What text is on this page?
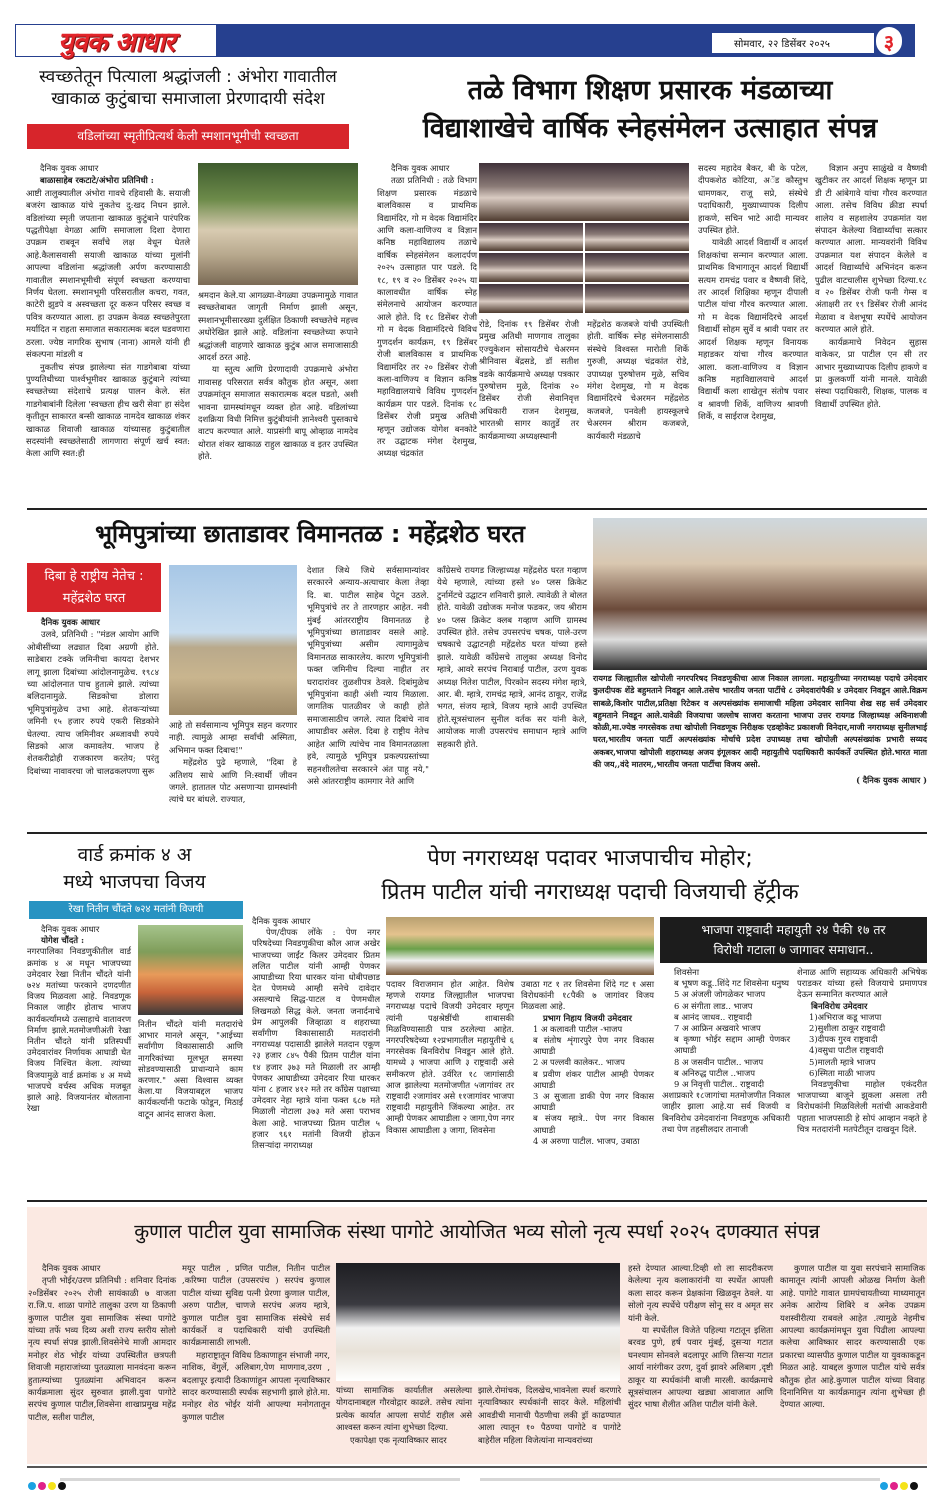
युवक आधार	सोमवार, २२ डिसेंबर २०२५	३
स्वच्छतेतून पित्याला श्रद्धांजली : अंभोरा गावातील
खाकाळ कुटुंबाचा समाजाला प्रेरणादायी संदेश
वडिलांच्या स्मृतीप्रित्यर्थ केली स्मशानभूमीची स्वच्छता
दैनिक युवक आधार
बाळासाहेब रकटाटे/अंभोरा प्रतिनिधी :

आष्टी तालुक्यातील अंभोरा गावचे रहिवासी कै. सयाजी बजरंग खाकाळ यांचे नुकतेच दु:खद निधन झाले. वडिलांच्या स्मृती जपताना खाकाळ कुटुंबाने पारंपरिक पद्धतीपेक्षा वेगळा आणि समाजाला दिशा देणारा उपक्रम राबवून सर्वांचे लक्ष वेधून घेतले आहे.कैलासवासी सयाजी खाकाळ यांच्या मुलांनी आपल्या वडिलांना श्रद्धांजली अर्पण करण्यासाठी गावातील स्मशानभूमीची संपूर्ण स्वच्छता करण्याचा निर्णय घेतला. स्मशानभूमी परिसरातील कचरा, गवत, काटेरी झुडपे व अस्वच्छता दूर करून परिसर स्वच्छ व पवित्र करण्यात आला. हा उपक्रम केवळ स्वच्छतेपुरता मर्यादित न राहता समाजात सकारात्मक बदल घडवणारा ठरला. ज्येष्ठ नागरिक सुभाष (नाना) आमले यांनी ही संकल्पना मांडली व

नुकतीच संपन्न झालेल्या संत गाडगेबाबा यांच्या पुण्यतिथीच्या पार्श्वभूमीवर खाकाळ कुटुंबाने त्यांच्या स्वच्छतेच्या संदेशाचे प्रत्यक्ष पालन केले. संत गाडगेबाबांनी दिलेला 'स्वच्छता हीच खरी सेवा' हा संदेश कृतीतून साकारत बन्सी खाकाळ नामदेव खाकाळ शंकर खाकाळ शिवाजी खाकाळ यांच्यासह कुटुंबातील सदस्यांनी स्वच्छतेसाठी लागणारा संपूर्ण खर्च स्वत: केला आणि स्वत:ही

श्रमदान केले.या आगळ्या-वेगळ्या उपक्रमामुळे गावात स्वच्छतेबाबत जागृती निर्माण झाली असून, स्मशानभूमीसारख्या दुर्लक्षित ठिकाणी स्वच्छतेचे महत्त्व अधोरेखित झाले आहे. वडिलांना स्वच्छतेच्या रूपाने श्रद्धांजली वाहणारे खाकाळ कुटुंब आज समाजासाठी आदर्श ठरत आहे.

या स्तुत्य आणि प्रेरणादायी उपक्रमाचे अंभोरा गावासह परिसरात सर्वत्र कौतुक होत असून, अशा उपक्रमांतून समाजात सकारात्मक बदल घडतो, अशी भावना ग्रामस्थांमधून व्यक्त होत आहे. वडिलांच्या दशक्रिया विधी निमित्त कुटुंबीयांनी ज्ञानेश्वरी पुस्तकाचे वाटप करण्यात आले. याप्रसंगी बापू ओव्हाळ नामदेव थोरात शंकर खाकाळ राहुल खाकाळ व इतर उपस्थित होते.

तळे विभाग शिक्षण प्रसारक मंडळाच्या
विद्याशाखेचे वार्षिक स्नेहसंमेलन उत्साहात संपन्न
दैनिक युवक आधार

तळा प्रतिनिधी : तळे विभाग शिक्षण प्रसारक मंडळाचे बालविकास व प्राथमिक विद्यामंदिर, गो म वेदक विद्यामंदिर आणि कला-वाणिज्य व विज्ञान कनिष्ठ महाविद्यालय तळाचे वार्षिक स्नेहसंमेलन कलादर्पण २०२५ उत्साहात पार पडले. दि १८, १९ व २० डिसेंबर २०२५ या कालावधीत वार्षिक स्नेह संमेलनाचे आयोजन करण्यात आले होते. दि १८ डिसेंबर रोजी गो म वेदक विद्यामंदिरचे विविध गुणदर्शन कार्यक्रम, १९ डिसेंबर रोजी बालविकास व प्राथमिक विद्यामंदिर तर २० डिसेंबर रोजी कला-वाणिज्य व विज्ञान कनिष्ठ महाविद्यालयाचे विविध गुणदर्शन कार्यक्रम पार पडले. दिनांक १८ डिसेंबर रोजी प्रमुख अतिथी म्हणून उद्योजक योगेश बनकोटे तर उद्घाटक मंगेश देशमुख, अध्यक्ष चंद्रकांत

रोडे, दिनांक १९ डिसेंबर रोजी प्रमुख अतिथी माणगाव तालुका एज्युकेशन सोसायटीचे चेअरमन श्रीनिवास बेंद्रसडे, डॉ सतीश वडके कार्यक्रमाचे अध्यक्ष पत्रकार पुरुषोत्तम मुळे, दिनांक २० डिसेंबर रोजी सेवानिवृत्त अधिकारी राजन देशमुख, भारतश्री सागर कातुर्डे तर कार्यक्रमाच्या अध्यक्षस्थानी

महेंद्रशेठ कजबजे यांची उपस्थिती होती. वार्षिक स्नेह संमेलनासाठी संस्थेचे विश्वस्त मारोती शिर्के गुरुजी, अध्यक्ष चंद्रकांत रोडे, उपाध्यक्ष पुरुषोत्तम मुळे, सचिव मंगेश देशमुख, गो म वेदक विद्यामंदिरचे चेअरमन महेंद्रशेठ कजबजे, पनवेली हायस्कूलचे चेअरमन श्रीराम कजबजे, कार्यकारी मंडळाचे

सदस्य महादेव बैकर, बी के पटेल, दीपकशेठ कोटिया, अॅड कौस्तुभ धामणकर, राजू सप्रे, संस्थेचे पदाधिकारी, मुख्याध्यापक दिलीप हाकणे, सचिन भाटे आदी मान्यवर उपस्थित होते.

यावेळी आदर्श विद्यार्थी व आदर्श शिक्षकांचा सन्मान करण्यात आला. प्राथमिक विभागातून आदर्श विद्यार्थी सत्यम रामचंद्र पवार व वैष्णवी शिंदे, तर आदर्श शिक्षिका म्हणून दीपाली पाटील यांचा गौरव करण्यात आला. गो म वेदक विद्यामंदिरचे आदर्श विद्यार्थी सोहम सुर्वे व श्रावी पवार तर आदर्श शिक्षक म्हणून विनायक महाडकर यांचा गौरव करण्यात आला. कला-वाणिज्य व विज्ञान कनिष्ठ महाविद्यालयाचे आदर्श विद्यार्थी कला शाखेतून संतोष पवार व श्रावणी शिर्के, वाणिज्य श्रावणी शिर्के, व साईराज देशमुख,

विज्ञान अनुप साळुंखे व वैष्णवी खुटीकर तर आदर्श शिक्षक म्हणून प्रा डी टी आंबेगावे यांचा गौरव करण्यात आला. तसेच विविध क्रीडा स्पर्धा शालेय व सहशालेय उपक्रमांत यश संपादन केलेल्या विद्यार्थ्यांचा सत्कार करण्यात आला. मान्यवरांनी विविध उपक्रमात यश संपादन केलेले व आदर्श विद्यार्थ्यांचे अभिनंदन करून पुढील वाटचालीस शुभेच्छा दिल्या.१८ व २० डिसेंबर रोजी फनी गेम्स व अंताक्षरी तर १९ डिसेंबर रोजी आनंद मेळावा व वेशभूषा स्पर्धेचे आयोजन करण्यात आले होते.

कार्यक्रमाचे निवेदन सुहास वाकेकर, प्रा पाटील एन सी तर आभार मुख्याध्यापक दिलीप हाकणे व प्रा कुलकर्णी यांनी मानले. यावेळी संस्था पदाधिकारी, शिक्षक, पालक व विद्यार्थी उपस्थित होते.

भूमिपुत्रांच्या छाताडावर विमानतळ : महेंद्रशेठ घरत
दिबा हे राष्ट्रीय नेतेच :
महेंद्रशेठ घरत
दैनिक युवक आधार

उलवे, प्रतिनिधी : "मंडल आयोग आणि ओबीसींच्या लढ्यात दिबा अग्रणी होते. साडेबारा टक्के जमिनीचा कायदा देशभर लागू झाला दिबांच्या आंदोलनामुळेच. १९८४ च्या आंदोलनात पाच हुतात्मे झाले. त्यांच्या बलिदानामुळे. सिडकोचा डोलारा भूमिपुत्रांमुळेच उभा आहे. शेतकऱ्यांच्या जमिनी १५ हजार रुपये एकरी सिडकोने घेतल्या. त्याच जमिनीवर अब्जावधी रुपये सिडको आज कमावतेय. भाजप हे शेतकरीद्रोही राजकारण करतेय; परंतु दिबांच्या नावावरचा जो चालढकलपणा सुरू

आहे तो सर्वसामान्य भूमिपुत्र सहन करणार नाही. त्यामुळे आम्हा सर्वांची अस्मिता, अभिमान फक्त दिबाच!"

महेंद्रशेठ पुढे म्हणाले, "दिबा हे अतिशय साधे आणि नि:स्वार्थी जीवन जगले. हातातल पोट असणाऱ्या ग्रामस्थांनी त्यांचे घर बांधले. राज्यात,

देशात जिथे जिथे सर्वसामान्यांवर सरकारने अन्याय-अत्याचार केला तेव्हा दि. बा. पाटील साहेब पेटून उठले. भूमिपुत्रांचे तर ते तारणहार आहेत. नवी मुंबई आंतरराष्ट्रीय विमानतळ हे भूमिपुत्रांच्या छाताडावर वसले आहे. भूमिपुत्रांच्या असीम त्यागामुळेच विमानतळ साकारलेय. कारण भूमिपुत्रांनी फक्त जमिनीच दिल्या नाहीत तर घरादारांवर तुळशीपत्र ठेवले. दिबांमुळेच भूमिपुत्रांना काही अंशी न्याय मिळाला. जागतिक पातळीवर जे काही होते समाजासाठीच जगले. त्यात दिबांचे नाव आघाडीवर असेल. दिबा हे राष्ट्रीय नेतेच आहेत आणि त्यांचेच नाव विमानतळाला हवे, त्यामुळे भूमिपुत्र प्रकल्पग्रस्तांच्या सहनशीलतेचा सरकारने अंत पाहू नये," असे आंतरराष्ट्रीय कामगार नेते आणि

काँग्रेसचे रायगड जिल्हाध्यक्ष महेंद्रशेठ घरत गव्हाण येथे म्हणाले, त्यांच्या हस्ते ४० प्लस क्रिकेट टुर्नामेंटचे उद्घाटन शनिवारी झाले. त्यावेळी ते बोलत होते. यावेळी उद्योजक मनोज फडकर, जय श्रीराम ४० प्लस क्रिकेट क्लब गव्हाण आणि ग्रामस्थ उपस्थित होते. तसेच उपसरपंच चषक, पाले-उरण चषकाचे उद्घाटनही महेंद्रशेठ घरत यांच्या हस्ते झाले. यावेळी काँग्रेसचे तालुका अध्यक्ष विनोद म्हात्रे, आवरे सरपंच निराबाई पाटील, उरण युवक अध्यक्ष नितेश पाटील, पिरकोन सदस्य मंगेश म्हात्रे, आर. बी. म्हात्रे, रामचंद्र म्हात्रे, आनंद ठाकूर, राजेंद्र भगत, संजय म्हात्रे, विजय म्हात्रे आदी उपस्थित होते.सूत्रसंचालन सुनील वर्तक सर यांनी केले, आयोजक माजी उपसरपंच समाधान म्हात्रे आणि सहकारी होते.

रायगड जिल्ह्यातील खोपोली नगरपरिषद निवडणुकीचा आज निकाल लागला. महायुतीच्या नगराध्यक्ष पदाचे उमेदवार कुलदीपक शेंडे बहुमताने निवडून आले.तसेच भारतीय जनता पार्टीचे ८ उमेदवारांपैकी ४ उमेदवार निवडून आले.विक्रम साबळे,किशोर पाटील,प्रतिक्षा रिटेकर व अल्पसंख्यांक समाजाची महिला उमेदवार सानिया शेख सह सर्व उमेदवार बहुमताने निवडून आले.यावेळी विजयाचा जल्लोष साजरा करताना भाजपा उत्तर रायगड जिल्हाध्यक्ष अविनाशजी कोळी,मा.ज्येष्ठ नगरसेवक तथा खोपोली निवडणूक निरीक्षक एडव्होकेट प्रकाशजी विनेदार,माजी नगराध्यक्ष सुनीलभाई घरत,भारतीय जनता पार्टी अल्पसंख्यांक मोर्चाचे प्रदेश उपाध्यक्ष तथा खोपोली अल्पसंख्यांक प्रभारी सय्यद अकबर,भाजपा खोपोली शहराध्यक्ष अजय इंगूलकर आदी महायुतीचे पदाधिकारी कार्यकर्ते उपस्थित होते.भारत माता की जय,,वंदे मातरम,,भारतीय जनता पार्टीचा विजय असो.
( दैनिक युवक आधार )
वार्ड क्रमांक ४ अ
मध्ये भाजपचा विजय
रेखा नितीन चौंदते ७२४ मतांनी विजयी
दैनिक युवक आधार
योगेश चौंदते :

नगरपालिका निवडणुकीतील वार्ड क्रमांक ४ अ मधून भाजपच्या उमेदवार रेखा नितीन चौंदते यांनी ७२४ मतांच्या फरकाने दणदणीत विजय मिळवला आहे. निवडणूक निकाल जाहीर होताच भाजप कार्यकर्त्यांमध्ये उत्साहाचे वातावरण निर्माण झाले.मतमोजणीअंती रेखा नितीन चौंदते यांनी प्रतिस्पर्धी उमेदवारांवर निर्णायक आघाडी घेत विजय निश्चित केला. त्यांच्या विजयामुळे वार्ड क्रमांक ४ अ मध्ये भाजपचे वर्चस्व अधिक मजबूत झाले आहे. विजयानंतर बोलताना रेखा

नितीन चौंदते यांनी मतदारांचे आभार मानले असून, "आईच्या सर्वांगीण विकासासाठी आणि नागरिकांच्या मूलभूत समस्या सोडवण्यासाठी प्राधान्याने काम करणार." असा विश्वास व्यक्त केला.या विजयाबद्दल भाजप कार्यकर्त्यांनी फटाके फोडून, मिठाई वाटून आनंद साजरा केला.

पेण नगराध्यक्ष पदावर भाजपाचीच मोहोर;
प्रितम पाटील यांची नगराध्यक्ष पदाची विजयाची हॅट्रीक
दैनिक युवक आधार

पेण/दीपक लोंके : पेण नगर परिषदेच्या निवडणुकीचा कौल आज अखेर भाजपच्या जाईंट किलर उमेदवार प्रितम ललित पाटील यांनी आम्ही पेणकर आघाडीच्या रिया धारकर यांना धोबीपछाड देत पेणमध्ये आम्ही सनेचे दावेदार असल्याचे सिद्ध-पाटल व पेणमधील लिखमळो सिद्ध केले. जनता जनार्दनाचे प्रेम आपुलकी जिव्हाळा व शहराच्या सर्वांगीण विकासासाठी मतदारांनी नगराध्यक्ष पदासाठी झालेले मतदान एकूण २३ हजार ८४५ पैकी प्रितम पाटील यांना १४ हजार ३७३ मते मिळाली तर आम्ही पेणकर आघाडीच्या उमेदवार रिया धारकर यांना ८ हजार ४१२ मते तर काँग्रेस पक्षाच्या उमेदवार नेहा म्हात्रे यांना फक्त ६८७ मते मिळाली नोटाला ३७३ मते असा पराभव केला आहे. भाजपच्या प्रितम पाटील ५ हजार ९६१ मतांनी विजयी होऊन तिसऱ्यांदा नगराध्यक्ष

पदावर विराजमान होत आहेत. विशेष म्हणजे रायगड जिल्ह्यातील भाजपचा नगराध्यक्ष पदाचे विजयी उमेदवार म्हणून त्यांनी पक्षश्रेष्ठींची शाबासकी मिळविण्यासाठी पात्र ठरलेल्या आहेत. नगरपरिषदेच्या १२प्रभागातील महायुतीचे ६ नगरसेवक बिनविरोध निवडून आले होते. यामध्ये ३ भाजपा आणि ३ राष्ट्रवादी असे समीकरण होते. उर्वरित १८ जागांसाठी आज झालेल्या मतमोजणीत ५जागांवर तर राष्ट्रवादी २जागांवर असे ११जागांवर भाजपा राष्ट्रवादी महायुतीने जिंकल्या आहेत. तर आम्ही पेणकर आघाडीला २ जागा,पेण नगर विकास आघाडीला ३ जागा, शिवसेना

उबाठा गट १ तर शिवसेना शिंदे गट १ असा विरोधकांनी १८पैकी ७ जागांवर विजय मिळवला आहे.

प्रभाग निहाय विजयी उमेदवार
1 अ कलावती पाटील -भाजप
ब संतोष शृंगारपुरे पेण नगर विकास आघाडी
2 अ पल्लवी कालेकर.. भाजप
ब प्रवीण शंकर पाटील आम्ही पेणकर आघाडी
3 अ सुजाता डाकी पेण नगर विकास आघाडी
ब संजय म्हात्रे.. पेण नगर विकास आघाडी
4 अ अरुणा पाटील. भाजप, उबाठा
भाजपा राष्ट्रवादी महायुती २४ पैकी १७ तर
विरोधी गटाला ७ जागावर समाधान..
शिवसेना
ब भूषण कडू..शिंदे गट शिवसेना धनुष्य
5 अ अंजली जोगळेकर भाजप
6 अ संगीता लाड.. भाजप
ब आनंद जाधव.. राष्ट्रवादी
7 अ आफ्रिन अखवारे भाजप
ब कृष्णा भोईर सद्दाम आम्ही पेणकर आघाडी
8 अ जसवीन पाटील.. भाजप
ब अनिरुद्ध पाटील ..भाजप
9 अ निवृत्ती पाटील.. राष्ट्रवादी

अशाप्रकारे १८जागांचा मतमोजणीत निकाल जाहीर झाला आहे.या सर्व विजयी व बिनविरोध उमेदवारांना निवडणूक अधिकारी तथा पेण तहसीलदार तानाजी

शेनाळ आणि सहाय्यक अधिकारी अभिषेक पराडकर यांच्या हस्ते विजयाचे प्रमाणपत्र देऊन सन्मानित करण्यात आले

बिनविरोध उमेदवार
1)अभिराज कडू भाजपा
2)सुशीला ठाकूर राष्ट्रवादी
3)दीपक गुरव राष्ट्रवादी
4)वसुधा पाटील राष्ट्रवादी
5)मालती म्हात्रे भाजप
6)स्मिता माळी भाजप

निवडणुकीचा माहोल एकंदरीत भाजपाच्या बाजूने झुकला असला तरी विरोधकांनी मिळविलेली मतांची आकडेवारी पहाता भाजपसाठी हे सोपं आव्हान नव्हते हे चित्र मतदारांनी मतपेटीतून दाखवून दिले.

कुणाल पाटील युवा सामाजिक संस्था पागोटे आयोजित भव्य सोलो नृत्य स्पर्धा २०२५ दणक्यात संपन्न
दैनिक युवक आधार

तृप्ती भोईर/उरण प्रतिनिधी : शनिवार दिनांक २०डिसेंबर २०२५ रोजी सायंकाळी ७ वाजता रा.जि.प. शाळा पागोटे तालुका उरण या ठिकाणी कुणाल पाटील युवा सामाजिक संस्था पागोटे यांच्या तर्फे भव्य दिव्य अशी राज्य स्तरीय सोलो नृत्य स्पर्धा संपन्न झाली.शिवसेनेचे माजी आमदार मनोहर शेठ भोईर यांच्या उपस्थितीत छत्रपती शिवाजी महाराजांच्या पुतळ्याला मानवंदना करून हुतात्म्यांच्या पुतळ्यांना अभिवादन करून कार्यक्रमाला सुंदर सुरुवात झाली.युवा पागोटे सरपंच कुणाल पाटील,शिवसेना शाखाप्रमुख महेंद्र पाटील, सतीश पाटील,

मयूर पाटील , प्रणित पाटील, नितीन पाटील ,करिष्मा पाटील (उपसरपंच ) सरपंच कुणाल पाटील यांच्या सुविद्य पत्नी प्रेरणा कुणाल पाटील, अरुण पाटील, चाणजे सरपंच अजय म्हात्रे, कुणाल पाटील युवा सामाजिक संस्थेचे सर्व कार्यकर्ते व पदाधिकारी यांची उपस्थिती कार्यक्रमासाठी लाभली.

महाराष्ट्रातून विविध ठिकाणाहून संभाजी नगर, नाशिक, वेंगुर्ले, अलिबाग,पेण माणगाव,उरण , बदलापूर इत्यादी ठिकाणांहून आपला नृत्याविष्कार सादर करण्यासाठी स्पर्धक सहभागी झाले होते.मा. मनोहर शेठ भोईर यांनी आपल्या मनोगतातून कुणाल पाटील

यांच्या सामाजिक कार्यातील असलेल्या योगदानाबद्दल गौरवोद्गार काढले. तसेच त्यांना प्रत्येक कार्यात आपला सपोर्ट राहील असे आश्वस्त करून त्यांना शुभेच्छा दिल्या.

एकापेक्षा एक नृत्याविष्कार सादर

झाले.रोमांचक, दिलखेच,भावनेला स्पर्श करणारे नृत्याविष्कार स्पर्धकांनी सादर केले. महिलांची आवडीची मानाची पैठणीचा लकी ड्रॉ काढण्यात आला त्यातून १० पैठण्या पागोटे व पागोटे बाहेरील महिला विजेत्यांना मान्यवरांच्या

हस्ते देण्यात आल्या.टिव्ही शो ला सादरीकरण केलेल्या नृत्य कलाकारांनी या स्पर्धेत आपली कला सादर करून प्रेक्षकांना खिळवून ठेवले. या सोलो नृत्य स्पर्धेचे परीक्षण सोनू सर व अमृत सर यांनी केले.

या स्पर्धेतील विजेते पहिल्या गटातून इशिता बरवड पुणे, हर्ष पवार मुंबई, दुसऱ्या गटात घनश्याम सोनवले बदलापूर आणि तिसऱ्या गटात आर्या नारंगीकर उरण, दुर्वा झावरे अलिबाग ,दृष्टी ठाकूर या स्पर्धकांनी बाजी मारली. कार्यक्रमाचे सूत्रसंचालन आपल्या खड्या आवाजात आणि सुंदर भाषा शैलीत अतिश पाटील यांनी केले.

कुणाल पाटील या युवा सरपंचाने सामाजिक कामातून त्यांनी आपली ओळख निर्माण केली आहे. पागोटे गावात ग्रामपंचायतीच्या माध्यमातून अनेक आरोग्य शिबिरे व अनेक उपक्रम यशस्वीरीत्या राबवले आहेत .त्यामुळे नेहमीच आपल्या कार्यक्रमांमधून युवा पिढीला आपल्या कलेचा आविष्कार सादर करण्यासाठी एक प्रकारचा व्यासपीठ कुणाल पाटील या युवकाकडून मिळत आहे. याबद्दल कुणाल पाटील यांचे सर्वत्र कौतुक होत आहे.कुणाल पाटील यांच्या विवाह दिनानिमित्त या कार्यक्रमातुन त्यांना शुभेच्छा ही देण्यात आल्या.
